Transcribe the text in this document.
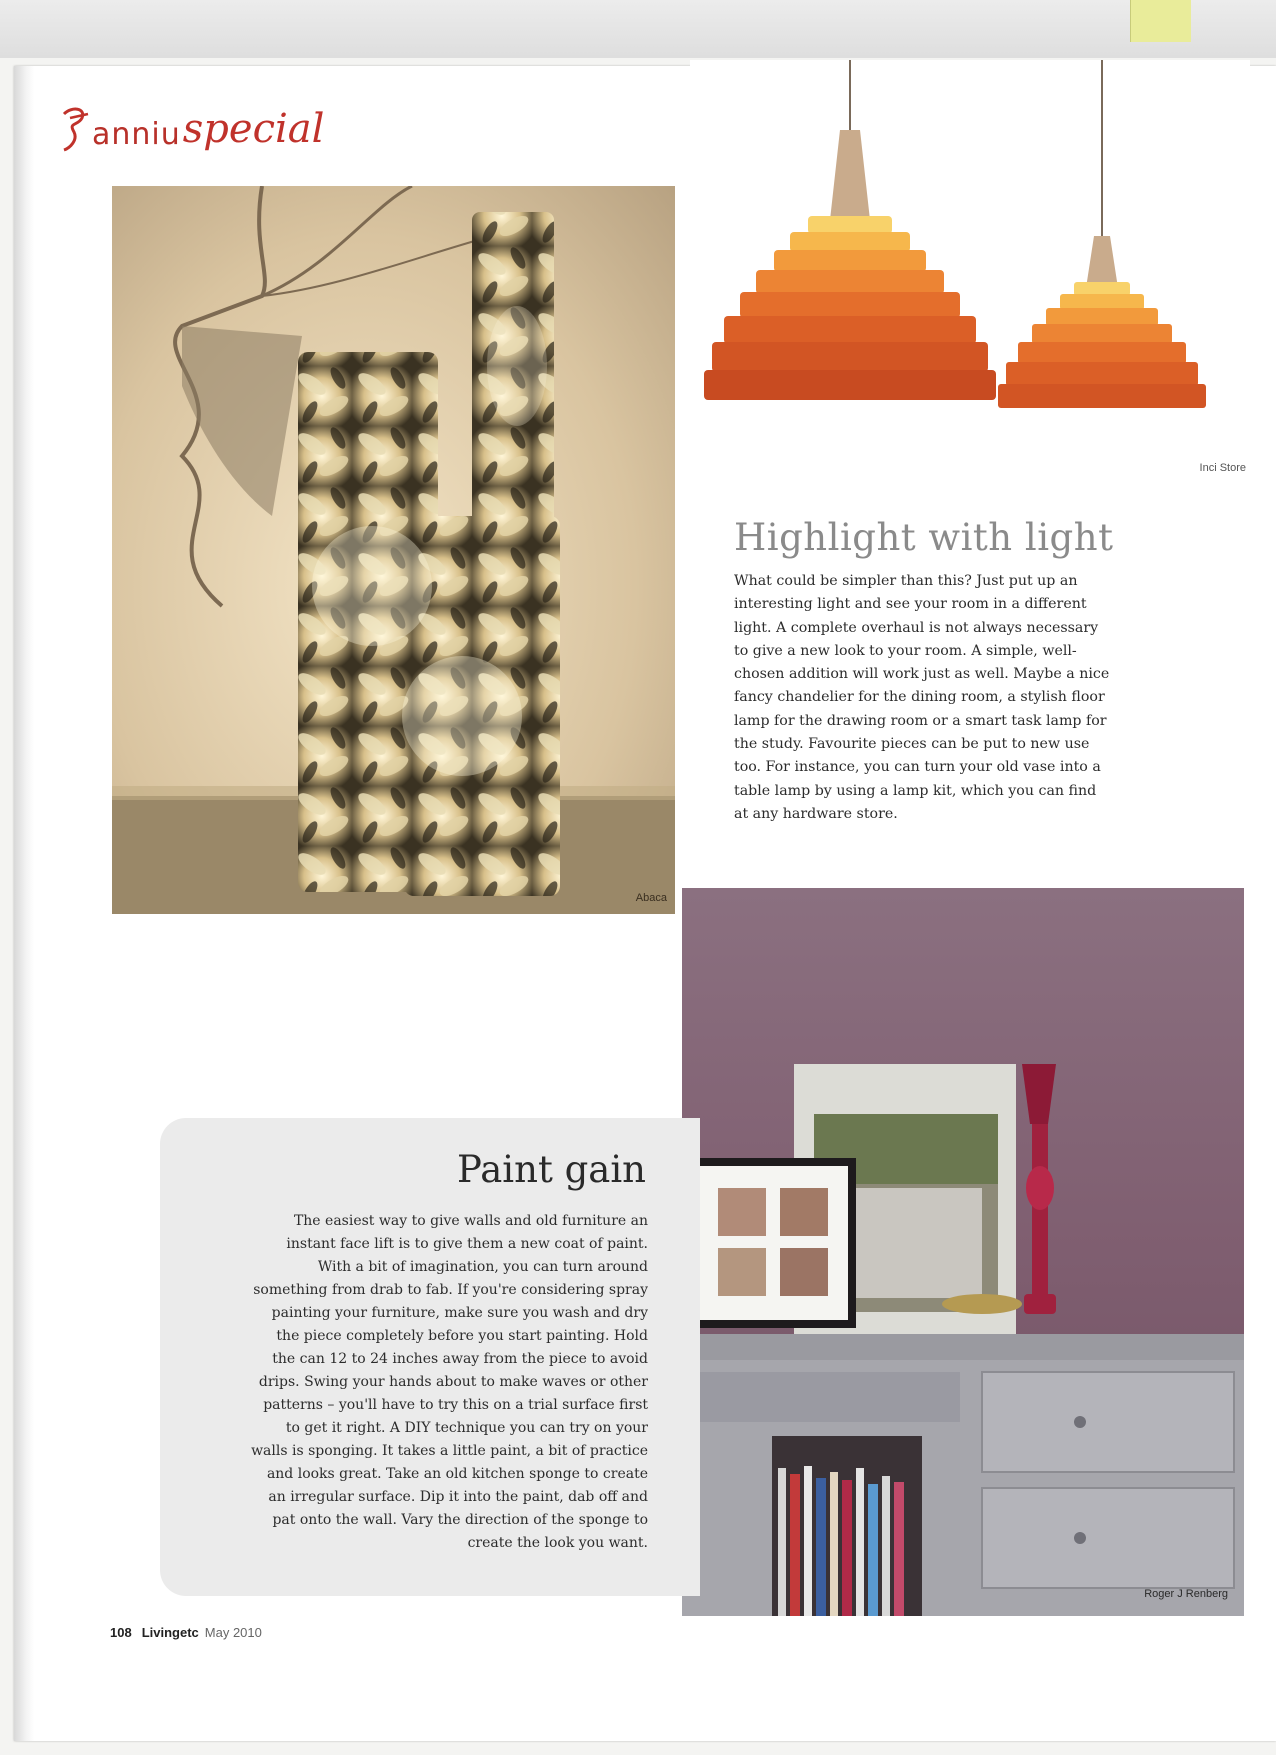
anniu special
Abaca
Inci Store
Highlight with light

What could be simpler than this? Just put up an interesting light and see your room in a different light. A complete overhaul is not always necessary to give a new look to your room. A simple, well-chosen addition will work just as well. Maybe a nice fancy chandelier for the dining room, a stylish floor lamp for the drawing room or a smart task lamp for the study. Favourite pieces can be put to new use too. For instance, you can turn your old vase into a table lamp by using a lamp kit, which you can find at any hardware store.

Roger J Renberg
Paint gain

The easiest way to give walls and old furniture an instant face lift is to give them a new coat of paint. With a bit of imagination, you can turn around something from drab to fab. If you're considering spray painting your furniture, make sure you wash and dry the piece completely before you start painting. Hold the can 12 to 24 inches away from the piece to avoid drips. Swing your hands about to make waves or other patterns – you'll have to try this on a trial surface first to get it right. A DIY technique you can try on your walls is sponging. It takes a little paint, a bit of practice and looks great. Take an old kitchen sponge to create an irregular surface. Dip it into the paint, dab off and pat onto the wall. Vary the direction of the sponge to create the look you want.

108 Livingetc May 2010
